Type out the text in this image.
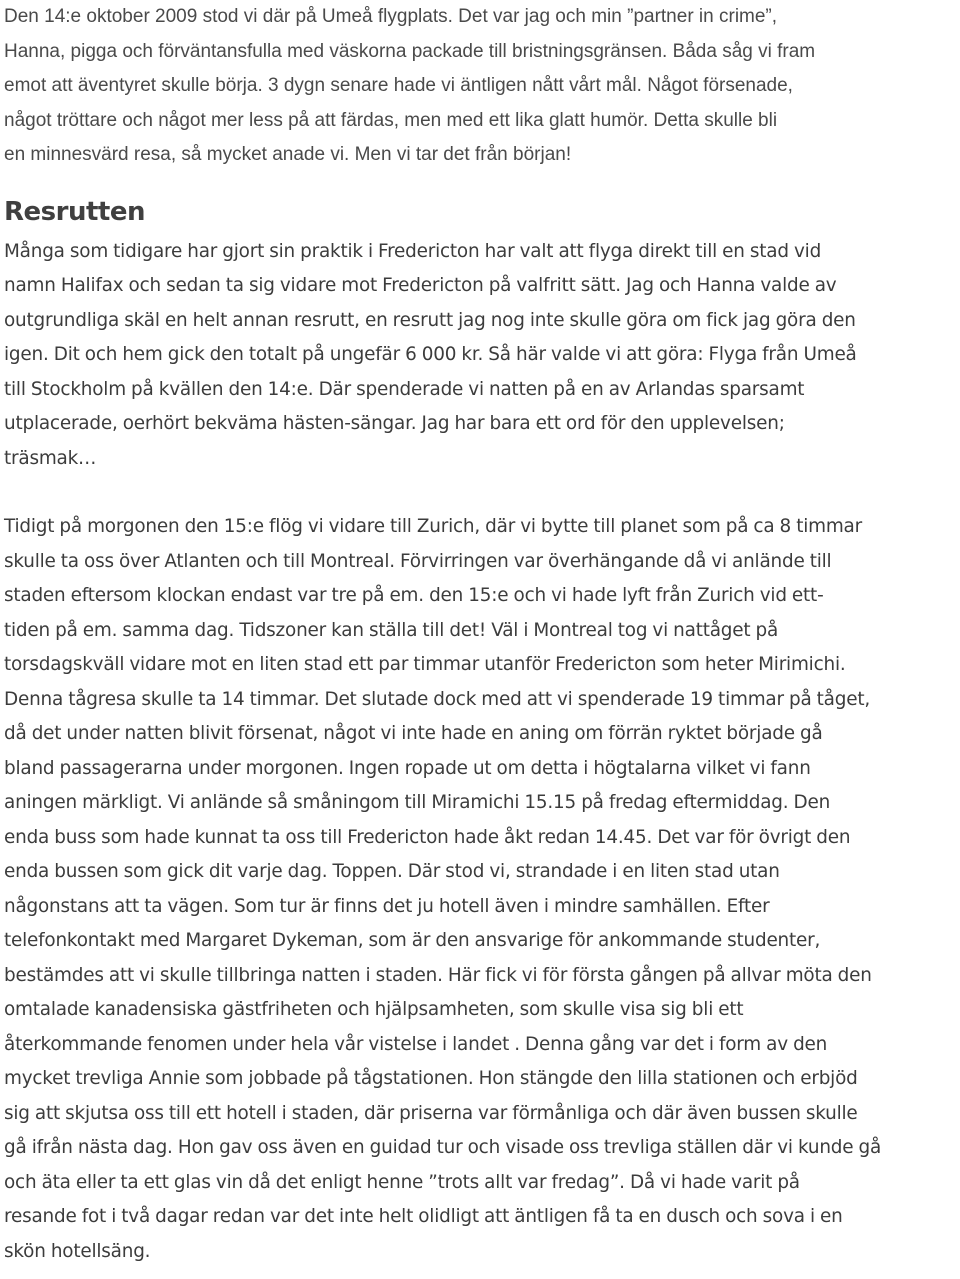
Den 14:e oktober 2009 stod vi där på Umeå flygplats. Det var jag och min ”partner in crime”,
Hanna, pigga och förväntansfulla med väskorna packade till bristningsgränsen. Båda såg vi fram
emot att äventyret skulle börja. 3 dygn senare hade vi äntligen nått vårt mål. Något försenade,
något tröttare och något mer less på att färdas, men med ett lika glatt humör. Detta skulle bli
en minnesvärd resa, så mycket anade vi. Men vi tar det från början!
Resrutten
Många som tidigare har gjort sin praktik i Fredericton har valt att flyga direkt till en stad vid
namn Halifax och sedan ta sig vidare mot Fredericton på valfritt sätt. Jag och Hanna valde av
outgrundliga skäl en helt annan resrutt, en resrutt jag nog inte skulle göra om fick jag göra den
igen. Dit och hem gick den totalt på ungefär 6 000 kr. Så här valde vi att göra: Flyga från Umeå
till Stockholm på kvällen den 14:e. Där spenderade vi natten på en av Arlandas sparsamt
utplacerade, oerhört bekväma hästen-sängar. Jag har bara ett ord för den upplevelsen;
träsmak…
Tidigt på morgonen den 15:e flög vi vidare till Zurich, där vi bytte till planet som på ca 8 timmar
skulle ta oss över Atlanten och till Montreal. Förvirringen var överhängande då vi anlände till
staden eftersom klockan endast var tre på em. den 15:e och vi hade lyft från Zurich vid ett-
tiden på em. samma dag. Tidszoner kan ställa till det! Väl i Montreal tog vi nattåget på
torsdagskväll vidare mot en liten stad ett par timmar utanför Fredericton som heter Mirimichi.
Denna tågresa skulle ta 14 timmar. Det slutade dock med att vi spenderade 19 timmar på tåget,
då det under natten blivit försenat, något vi inte hade en aning om förrän ryktet började gå
bland passagerarna under morgonen. Ingen ropade ut om detta i högtalarna vilket vi fann
aningen märkligt. Vi anlände så småningom till Miramichi 15.15 på fredag eftermiddag. Den
enda buss som hade kunnat ta oss till Fredericton hade åkt redan 14.45. Det var för övrigt den
enda bussen som gick dit varje dag. Toppen. Där stod vi, strandade i en liten stad utan
någonstans att ta vägen. Som tur är finns det ju hotell även i mindre samhällen. Efter
telefonkontakt med Margaret Dykeman, som är den ansvarige för ankommande studenter,
bestämdes att vi skulle tillbringa natten i staden. Här fick vi för första gången på allvar möta den
omtalade kanadensiska gästfriheten och hjälpsamheten, som skulle visa sig bli ett
återkommande fenomen under hela vår vistelse i landet . Denna gång var det i form av den
mycket trevliga Annie som jobbade på tågstationen. Hon stängde den lilla stationen och erbjöd
sig att skjutsa oss till ett hotell i staden, där priserna var förmånliga och där även bussen skulle
gå ifrån nästa dag. Hon gav oss även en guidad tur och visade oss trevliga ställen där vi kunde gå
och äta eller ta ett glas vin då det enligt henne ”trots allt var fredag”. Då vi hade varit på
resande fot i två dagar redan var det inte helt olidligt att äntligen få ta en dusch och sova i en
skön hotellsäng.
